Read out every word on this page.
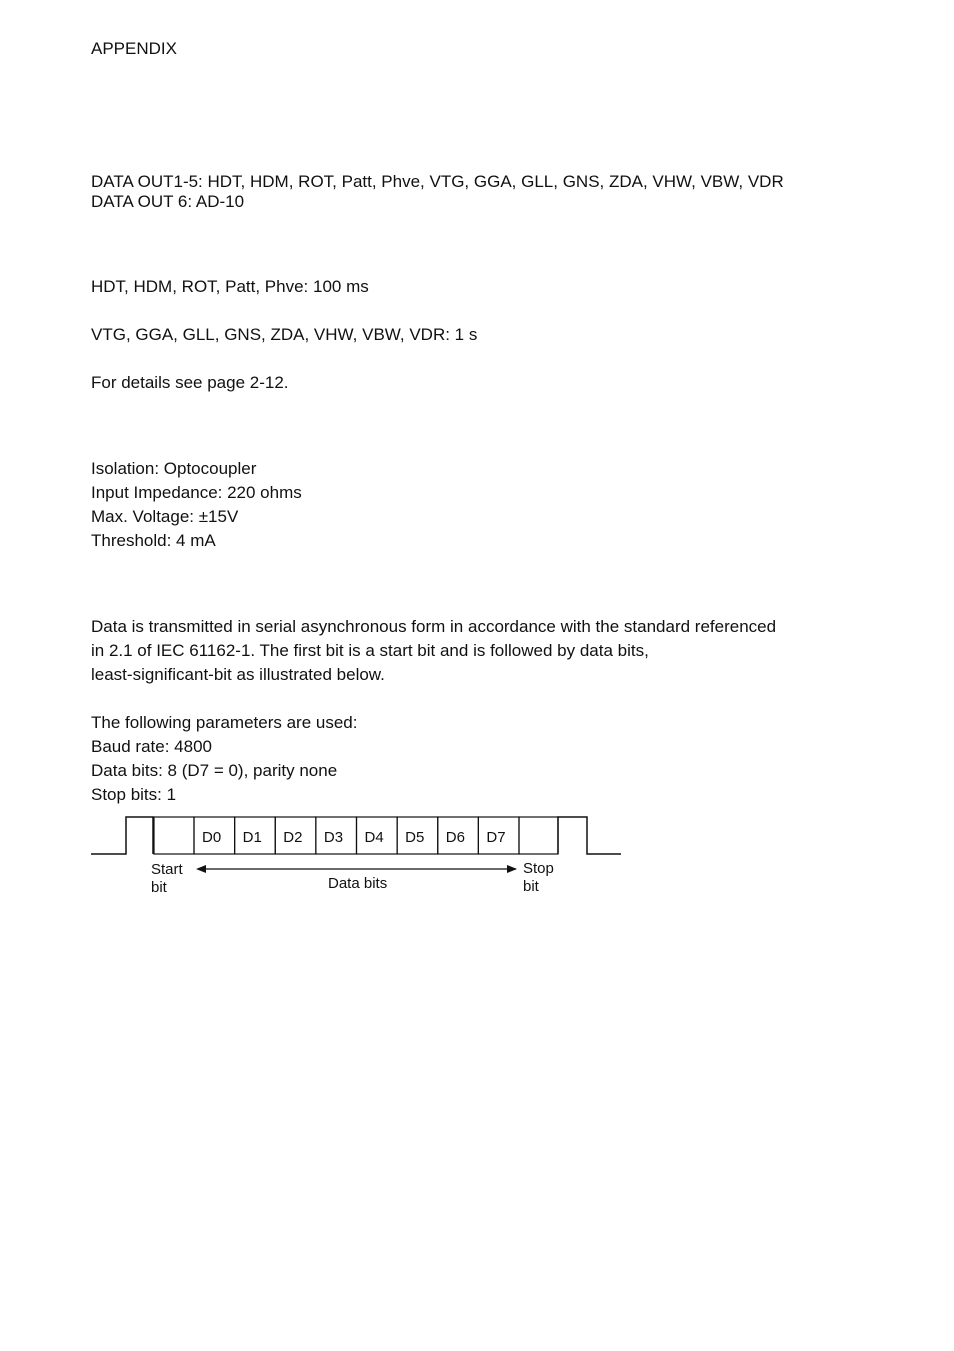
APPENDIX
DATA OUT1-5: HDT, HDM, ROT, Patt, Phve, VTG, GGA, GLL, GNS, ZDA, VHW, VBW, VDR
DATA OUT 6: AD-10
HDT, HDM, ROT, Patt, Phve: 100 ms
VTG, GGA, GLL, GNS, ZDA, VHW, VBW, VDR: 1 s
For details see page 2-12.
Isolation: Optocoupler
Input Impedance: 220 ohms
Max. Voltage: ±15V
Threshold: 4 mA
Data is transmitted in serial asynchronous form in accordance with the standard referenced
in 2.1 of IEC 61162-1. The first bit is a start bit and is followed by data bits,
least-significant-bit as illustrated below.
The following parameters are used:
Baud rate: 4800
Data bits: 8 (D7 = 0), parity none
Stop bits: 1
D0 D1 D2 D3 D4 D5 D6 D7
Start
bit	Data bits
Stop
bit
